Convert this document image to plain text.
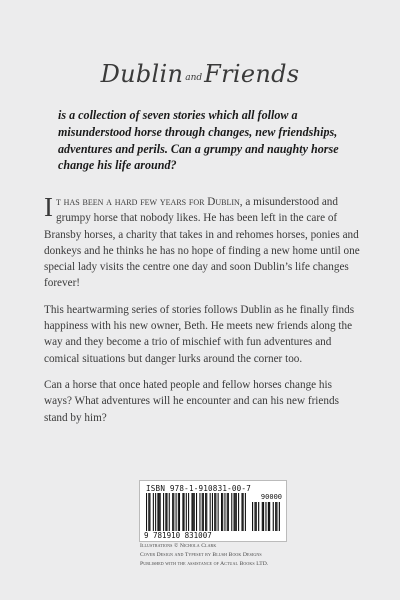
Dublin andFriends

is a collection of seven stories which all follow a misunderstood horse through changes, new friendships, adventures and perils. Can a grumpy and naughty horse change his life around?

It has been a hard few years for Dublin, a misunderstood and grumpy horse that nobody likes. He has been left in the care of Bransby horses, a charity that takes in and rehomes horses, ponies and donkeys and he thinks he has no hope of finding a new home until one special lady visits the centre one day and soon Dublin’s life changes forever!

This heartwarming series of stories follows Dublin as he finally finds happiness with his new owner, Beth. He meets new friends along the way and they become a trio of mischief with fun adventures and comical situations but danger lurks around the corner too.

Can a horse that once hated people and fellow horses change his ways? What adventures will he encounter and can his new friends stand by him?

ISBN 978-1-910831-00-7
90000
9 781910 831007
Illustrations © Nichola Clark
Cover Design and Typeset by Blush Book Designs
Published with the assistance of Actual Books LTD.
